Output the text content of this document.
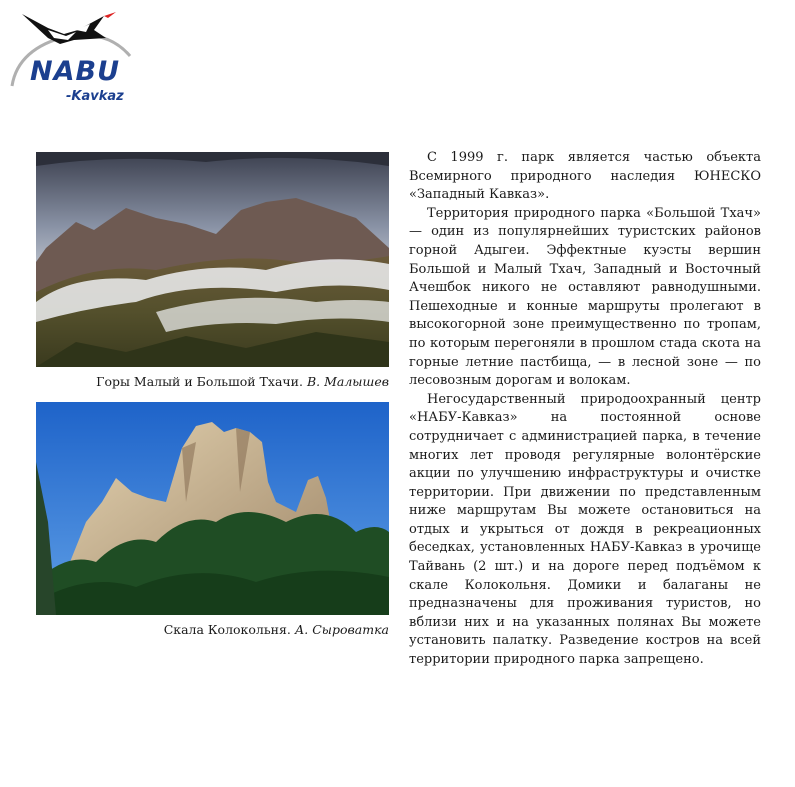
NABU
-Kavkaz
Горы Малый и Большой Тхачи. В. Малышев
Скала Колокольня. А. Сыроватка

С 1999 г. парк является частью объекта Всемирного природного наследия ЮНЕСКО «Западный Кавказ».

Территория природного парка «Большой Тхач» — один из популярнейших туристских районов горной Адыгеи. Эффектные куэсты вершин Большой и Малый Тхач, Западный и Восточный Ачешбок никого не оставляют равнодушными. Пешеходные и конные маршруты пролегают в высокогорной зоне преимущественно по тропам, по которым перегоняли в прошлом стада скота на горные летние пастбища, — в лесной зоне — по лесовозным дорогам и волокам.

Негосударственный природоохранный центр «НАБУ-Кавказ» на постоянной основе сотрудничает с администрацией парка, в течение многих лет проводя регулярные волонтёрские акции по улучшению инфраструктуры и очистке территории. При движении по представленным ниже маршрутам Вы можете остановиться на отдых и укрыться от дождя в рекреационных беседках, установленных НАБУ-Кавказ в урочище Тайвань (2 шт.) и на дороге перед подъёмом к скале Колокольня. Домики и балаганы не предназначены для проживания туристов, но вблизи них и на указанных полянах Вы можете установить палатку. Разведение костров на всей территории природного парка запрещено.
